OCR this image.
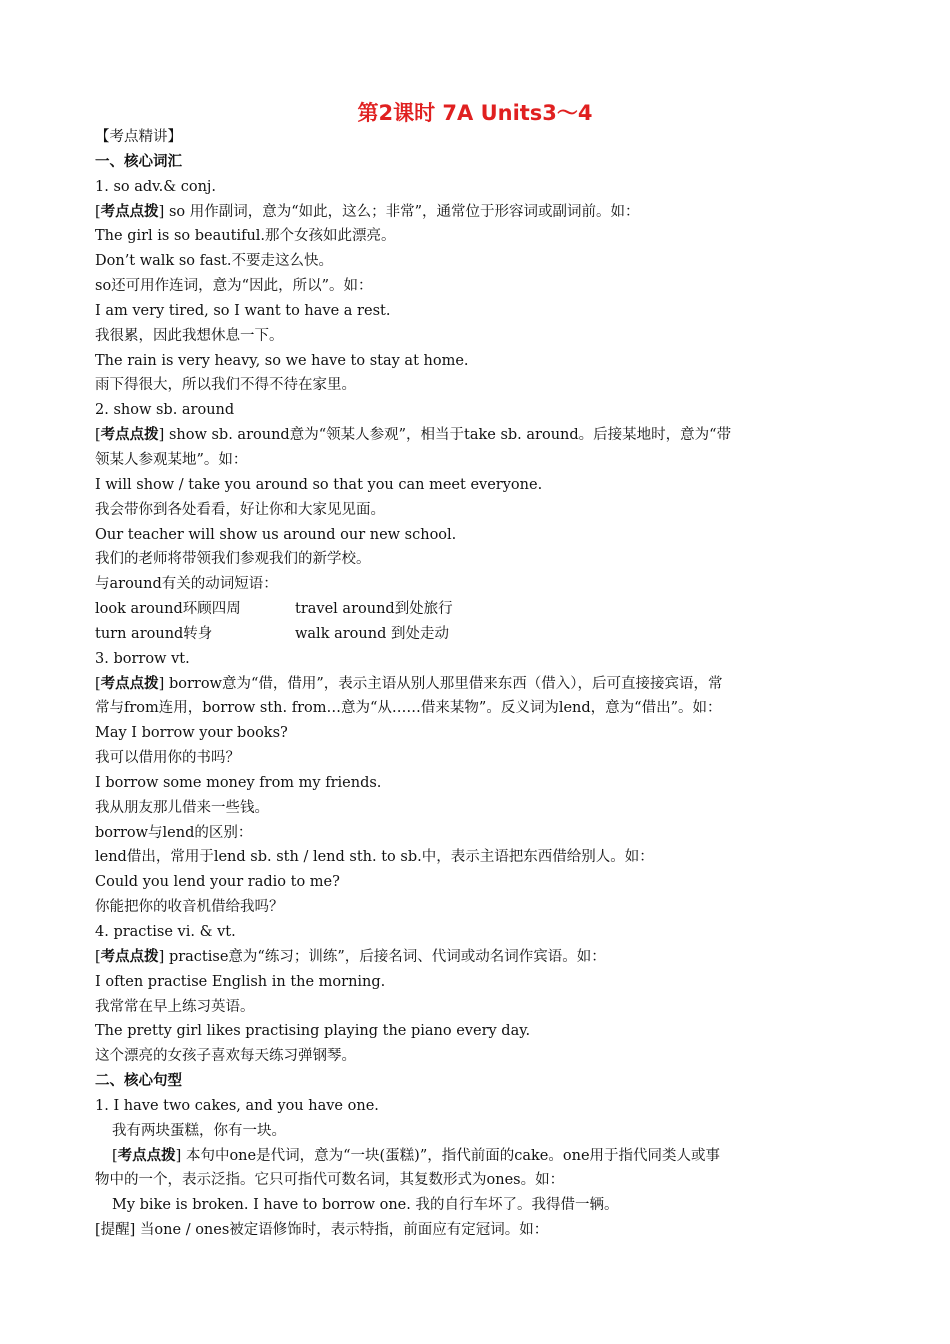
第2课时 7A Units3～4
【考点精讲】
一、核心词汇
1. so adv.& conj.
[考点点拨] so 用作副词，意为“如此，这么；非常”，通常位于形容词或副词前。如：
The girl is so beautiful.那个女孩如此漂亮。
Don’t walk so fast.不要走这么快。
so还可用作连词，意为“因此，所以”。如：
I am very tired, so I want to have a rest.
我很累，因此我想休息一下。
The rain is very heavy, so we have to stay at home.
雨下得很大，所以我们不得不待在家里。
2. show sb. around
[考点点拨] show sb. around意为“领某人参观”，相当于take sb. around。后接某地时，意为“带
领某人参观某地”。如：
I will show / take you around so that you can meet everyone.
我会带你到各处看看，好让你和大家见见面。
Our teacher will show us around our new school.
我们的老师将带领我们参观我们的新学校。
与around有关的动词短语：
look around环顾四周	travel around到处旅行
turn around转身	walk around 到处走动
3. borrow vt.
[考点点拨] borrow意为“借，借用”，表示主语从别人那里借来东西（借入），后可直接接宾语，常
常与from连用，borrow sth. from…意为“从……借来某物”。反义词为lend，意为“借出”。如：
May I borrow your books?
我可以借用你的书吗？
I borrow some money from my friends.
我从朋友那儿借来一些钱。
borrow与lend的区别：
lend借出，常用于lend sb. sth / lend sth. to sb.中，表示主语把东西借给别人。如：
Could you lend your radio to me?
你能把你的收音机借给我吗？
4. practise vi. & vt.
[考点点拨] practise意为“练习；训练”，后接名词、代词或动名词作宾语。如：
I often practise English in the morning.
我常常在早上练习英语。
The pretty girl likes practising playing the piano every day.
这个漂亮的女孩子喜欢每天练习弹钢琴。
二、核心句型
1. I have two cakes, and you have one.
我有两块蛋糕，你有一块。
[考点点拨] 本句中one是代词，意为“一块(蛋糕)”，指代前面的cake。one用于指代同类人或事
物中的一个，表示泛指。它只可指代可数名词，其复数形式为ones。如：
My bike is broken. I have to borrow one. 我的自行车坏了。我得借一辆。
[提醒] 当one / ones被定语修饰时，表示特指，前面应有定冠词。如：
